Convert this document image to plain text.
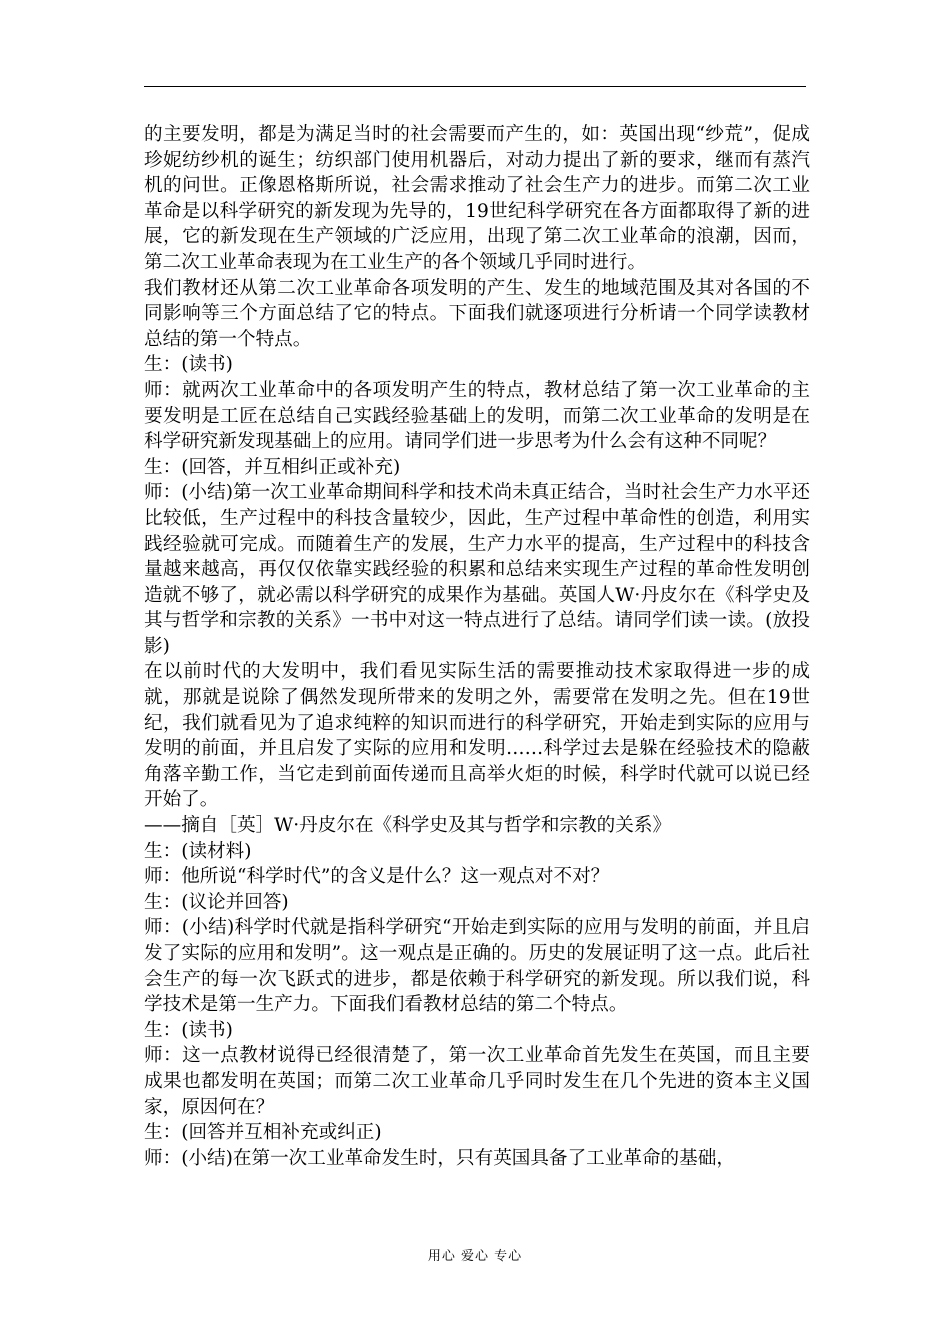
的主要发明，都是为满足当时的社会需要而产生的，如：英国出现“纱荒”，促成珍妮纺纱机的诞生；纺织部门使用机器后，对动力提出了新的要求，继而有蒸汽机的问世。正像恩格斯所说，社会需求推动了社会生产力的进步。而第二次工业革命是以科学研究的新发现为先导的，19世纪科学研究在各方面都取得了新的进展，它的新发现在生产领域的广泛应用，出现了第二次工业革命的浪潮，因而，第二次工业革命表现为在工业生产的各个领域几乎同时进行。

我们教材还从第二次工业革命各项发明的产生、发生的地域范围及其对各国的不同影响等三个方面总结了它的特点。下面我们就逐项进行分析请一个同学读教材总结的第一个特点。

生：(读书)

师：就两次工业革命中的各项发明产生的特点，教材总结了第一次工业革命的主要发明是工匠在总结自己实践经验基础上的发明，而第二次工业革命的发明是在科学研究新发现基础上的应用。请同学们进一步思考为什么会有这种不同呢？

生：(回答，并互相纠正或补充)

师：(小结)第一次工业革命期间科学和技术尚未真正结合，当时社会生产力水平还比较低，生产过程中的科技含量较少，因此，生产过程中革命性的创造，利用实践经验就可完成。而随着生产的发展，生产力水平的提高，生产过程中的科技含量越来越高，再仅仅依靠实践经验的积累和总结来实现生产过程的革命性发明创造就不够了，就必需以科学研究的成果作为基础。英国人W·丹皮尔在《科学史及其与哲学和宗教的关系》一书中对这一特点进行了总结。请同学们读一读。(放投影)

在以前时代的大发明中，我们看见实际生活的需要推动技术家取得进一步的成就，那就是说除了偶然发现所带来的发明之外，需要常在发明之先。但在19世纪，我们就看见为了追求纯粹的知识而进行的科学研究，开始走到实际的应用与发明的前面，并且启发了实际的应用和发明……科学过去是躲在经验技术的隐蔽角落辛勤工作，当它走到前面传递而且高举火炬的时候，科学时代就可以说已经开始了。

——摘自［英］W·丹皮尔在《科学史及其与哲学和宗教的关系》

生：(读材料)

师：他所说“科学时代”的含义是什么？这一观点对不对？

生：(议论并回答)

师：(小结)科学时代就是指科学研究“开始走到实际的应用与发明的前面，并且启发了实际的应用和发明”。这一观点是正确的。历史的发展证明了这一点。此后社会生产的每一次飞跃式的进步，都是依赖于科学研究的新发现。所以我们说，科学技术是第一生产力。下面我们看教材总结的第二个特点。

生：(读书)

师：这一点教材说得已经很清楚了，第一次工业革命首先发生在英国，而且主要成果也都发明在英国；而第二次工业革命几乎同时发生在几个先进的资本主义国家，原因何在？

生：(回答并互相补充或纠正)

师：(小结)在第一次工业革命发生时，只有英国具备了工业革命的基础，

用心 爱心 专心
